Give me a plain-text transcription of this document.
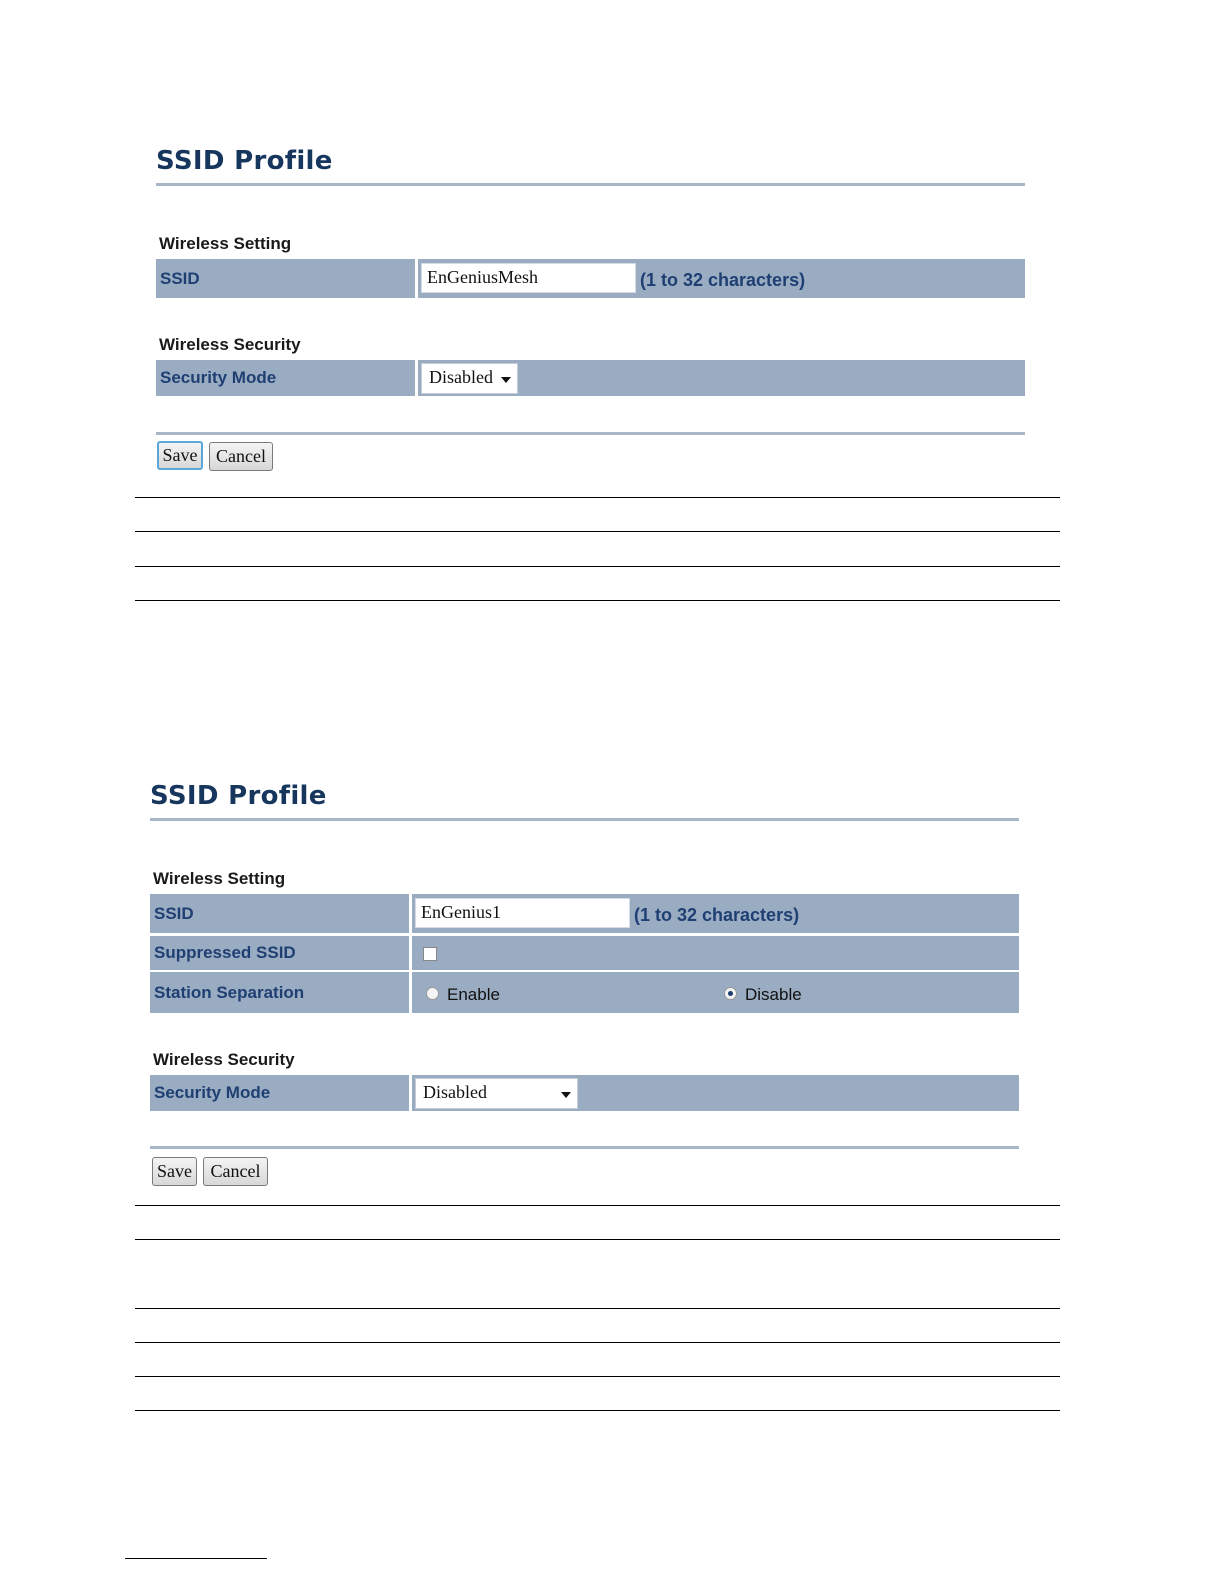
SSID Profile
Wireless Setting
SSID	EnGeniusMesh	(1 to 32 characters)
Wireless Security
Security Mode	Disabled
Save	Cancel
SSID Profile
Wireless Setting
SSID	EnGenius1	(1 to 32 characters)
Suppressed SSID
Station Separation	Enable	Disable
Wireless Security
Security Mode	Disabled
Save	Cancel
